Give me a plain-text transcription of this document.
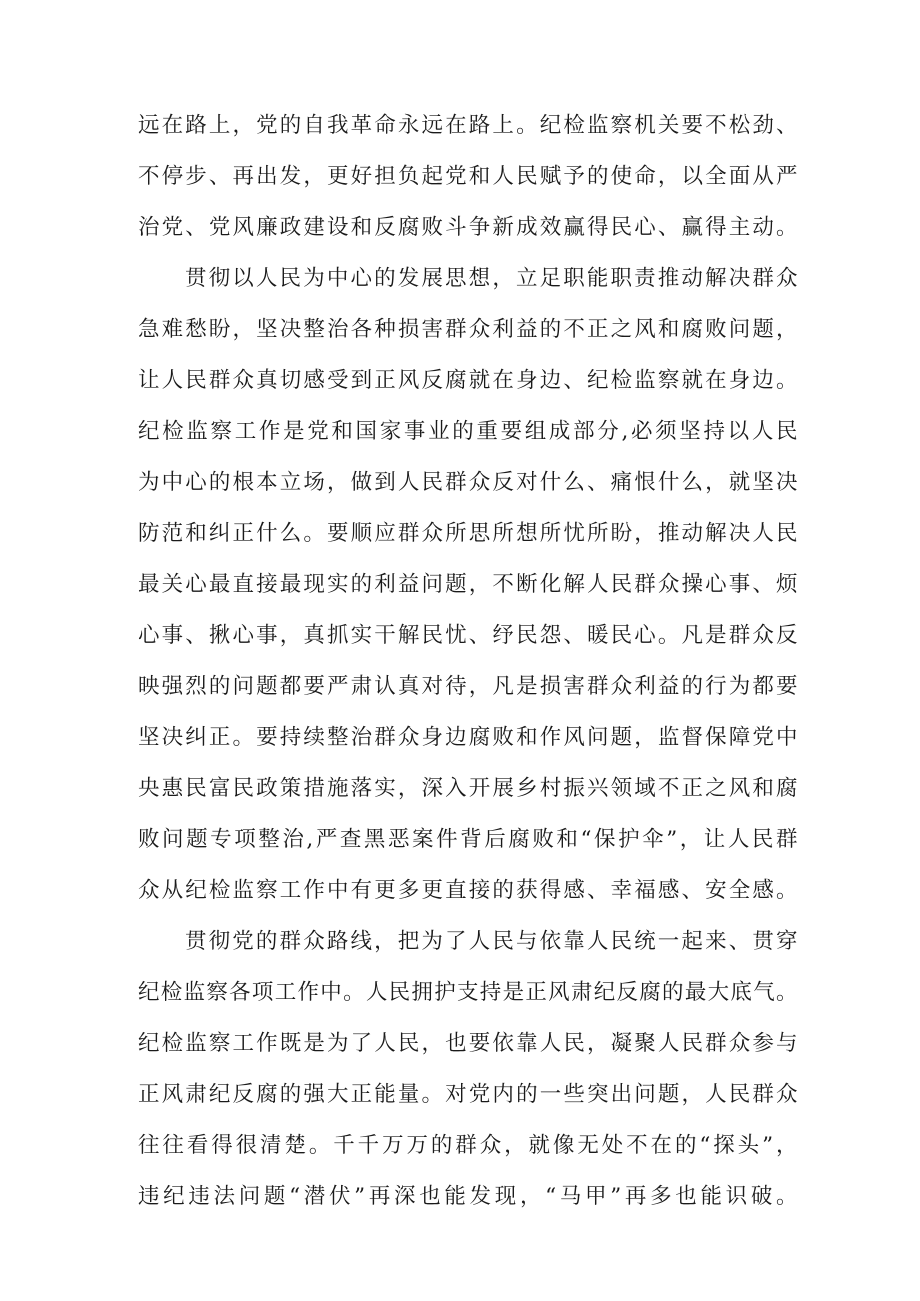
远在路上，党的自我革命永远在路上。纪检监察机关要不松劲、
不停步、再出发，更好担负起党和人民赋予的使命，以全面从严
治党、党风廉政建设和反腐败斗争新成效赢得民心、赢得主动。
贯彻以人民为中心的发展思想，立足职能职责推动解决群众
急难愁盼，坚决整治各种损害群众利益的不正之风和腐败问题，
让人民群众真切感受到正风反腐就在身边、纪检监察就在身边。
纪检监察工作是党和国家事业的重要组成部分,必须坚持以人民
为中心的根本立场，做到人民群众反对什么、痛恨什么，就坚决
防范和纠正什么。要顺应群众所思所想所忧所盼，推动解决人民
最关心最直接最现实的利益问题，不断化解人民群众操心事、烦
心事、揪心事，真抓实干解民忧、纾民怨、暖民心。凡是群众反
映强烈的问题都要严肃认真对待，凡是损害群众利益的行为都要
坚决纠正。要持续整治群众身边腐败和作风问题，监督保障党中
央惠民富民政策措施落实，深入开展乡村振兴领域不正之风和腐
败问题专项整治,严查黑恶案件背后腐败和“保护伞”，让人民群
众从纪检监察工作中有更多更直接的获得感、幸福感、安全感。
贯彻党的群众路线，把为了人民与依靠人民统一起来、贯穿
纪检监察各项工作中。人民拥护支持是正风肃纪反腐的最大底气。
纪检监察工作既是为了人民，也要依靠人民，凝聚人民群众参与
正风肃纪反腐的强大正能量。对党内的一些突出问题，人民群众
往往看得很清楚。千千万万的群众，就像无处不在的“探头”，
违纪违法问题“潜伏”再深也能发现，“马甲”再多也能识破。
